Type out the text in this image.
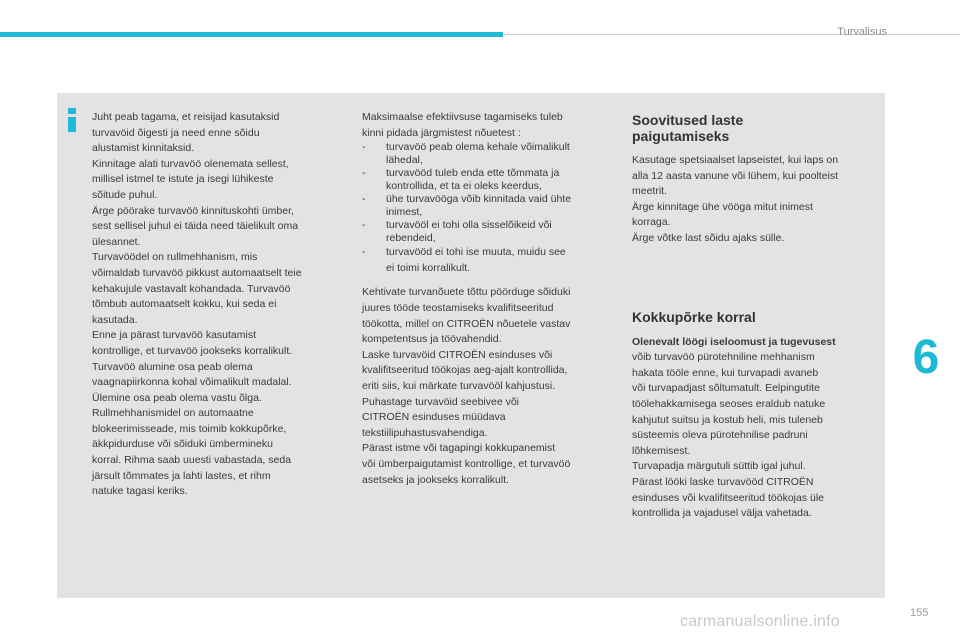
Turvalisus

Juht peab tagama, et reisijad kasutaksid

turvavöid õigesti ja need enne sõidu

alustamist kinnitaksid.

Kinnitage alati turvavöö olenemata sellest,

millisel istmel te istute ja isegi lühikeste

sõitude puhul.

Ärge pöörake turvavöö kinnituskohti ümber,

sest sellisel juhul ei täida need täielikult oma

ülesannet.

Turvavöödel on rullmehhanism, mis

võimaldab turvavöö pikkust automaatselt teie

kehakujule vastavalt kohandada. Turvavöö

tõmbub automaatselt kokku, kui seda ei

kasutada.

Enne ja pärast turvavöö kasutamist

kontrollige, et turvavöö jookseks korralikult.

Turvavöö alumine osa peab olema

vaagnapiirkonna kohal võimalikult madalal.

Ülemine osa peab olema vastu õlga.

Rullmehhanismidel on automaatne

blokeerimisseade, mis toimib kokkupõrke,

äkkpidurduse või sõiduki ümbermineku

korral. Rihma saab uuesti vabastada, seda

järsult tõmmates ja lahti lastes, et rihm

natuke tagasi keriks.

Maksimaalse efektiivsuse tagamiseks tuleb

kinni pidada järgmistest nõuetest :

- turvavöö peab olema kehale võimalikult
lähedal,
- turvavööd tuleb enda ette tõmmata ja
kontrollida, et ta ei oleks keerdus,
- ühe turvavööga võib kinnitada vaid ühte
inimest,
- turvavööl ei tohi olla sisselõikeid või
rebendeid,
- turvavööd ei tohi ise muuta, muidu see
ei toimi korralikult.

Kehtivate turvanõuete tõttu pöörduge sõiduki

juures tööde teostamiseks kvalifitseeritud

töökotta, millel on CITROËN nõuetele vastav

kompetentsus ja töövahendid.

Laske turvavöid CITROËN esinduses või

kvalifitseeritud töökojas aeg-ajalt kontrollida,

eriti siis, kui märkate turvavööl kahjustusi.

Puhastage turvavöid seebivee või

CITROËN esinduses müüdava

tekstiilipuhastusvahendiga.

Pärast istme või tagapingi kokkupanemist

või ümberpaigutamist kontrollige, et turvavöö

asetseks ja jookseks korralikult.

Soovitused laste
paigutamiseks

Kasutage spetsiaalset lapseistet, kui laps on

alla 12 aasta vanune või lühem, kui poolteist

meetrit.

Ärge kinnitage ühe vööga mitut inimest

korraga.

Ärge võtke last sõidu ajaks sülle.

Kokkupõrke korral

Olenevalt löögi iseloomust ja tugevusest

võib turvavöö pürotehniline mehhanism

hakata tööle enne, kui turvapadi avaneb

või turvapadjast sõltumatult. Eelpingutite

töölehakkamisega seoses eraldub natuke

kahjutut suitsu ja kostub heli, mis tuleneb

süsteemis oleva pürotehnilise padruni

lõhkemisest.

Turvapadja märgutuli süttib igal juhul.

Pärast lööki laske turvavööd CITROËN

esinduses või kvalifitseeritud töökojas üle

kontrollida ja vajadusel välja vahetada.

6
155
carmanualsonline.info
